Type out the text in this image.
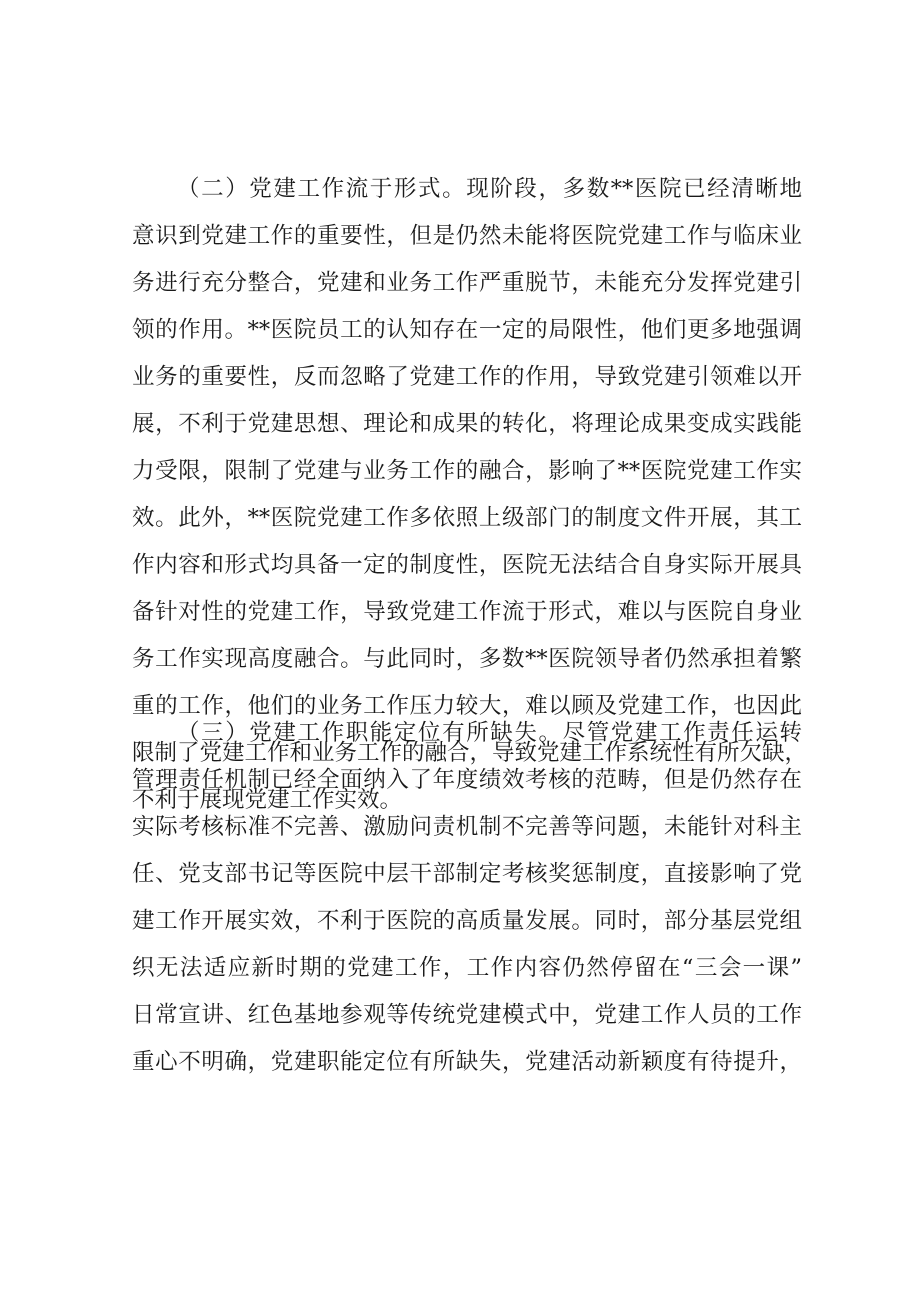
（二）党建工作流于形式。现阶段，多数**医院已经清晰地
意识到党建工作的重要性，但是仍然未能将医院党建工作与临床业
务进行充分整合，党建和业务工作严重脱节，未能充分发挥党建引
领的作用。**医院员工的认知存在一定的局限性，他们更多地强调
业务的重要性，反而忽略了党建工作的作用，导致党建引领难以开
展，不利于党建思想、理论和成果的转化，将理论成果变成实践能
力受限，限制了党建与业务工作的融合，影响了**医院党建工作实
效。此外，**医院党建工作多依照上级部门的制度文件开展，其工
作内容和形式均具备一定的制度性，医院无法结合自身实际开展具
备针对性的党建工作，导致党建工作流于形式，难以与医院自身业
务工作实现高度融合。与此同时，多数**医院领导者仍然承担着繁
重的工作，他们的业务工作压力较大，难以顾及党建工作，也因此
限制了党建工作和业务工作的融合，导致党建工作系统性有所欠缺，
不利于展现党建工作实效。
（三）党建工作职能定位有所缺失。尽管党建工作责任运转
管理责任机制已经全面纳入了年度绩效考核的范畴，但是仍然存在
实际考核标准不完善、激励问责机制不完善等问题，未能针对科主
任、党支部书记等医院中层干部制定考核奖惩制度，直接影响了党
建工作开展实效，不利于医院的高质量发展。同时，部分基层党组
织无法适应新时期的党建工作，工作内容仍然停留在“三会一课”
日常宣讲、红色基地参观等传统党建模式中，党建工作人员的工作
重心不明确，党建职能定位有所缺失，党建活动新颖度有待提升，
